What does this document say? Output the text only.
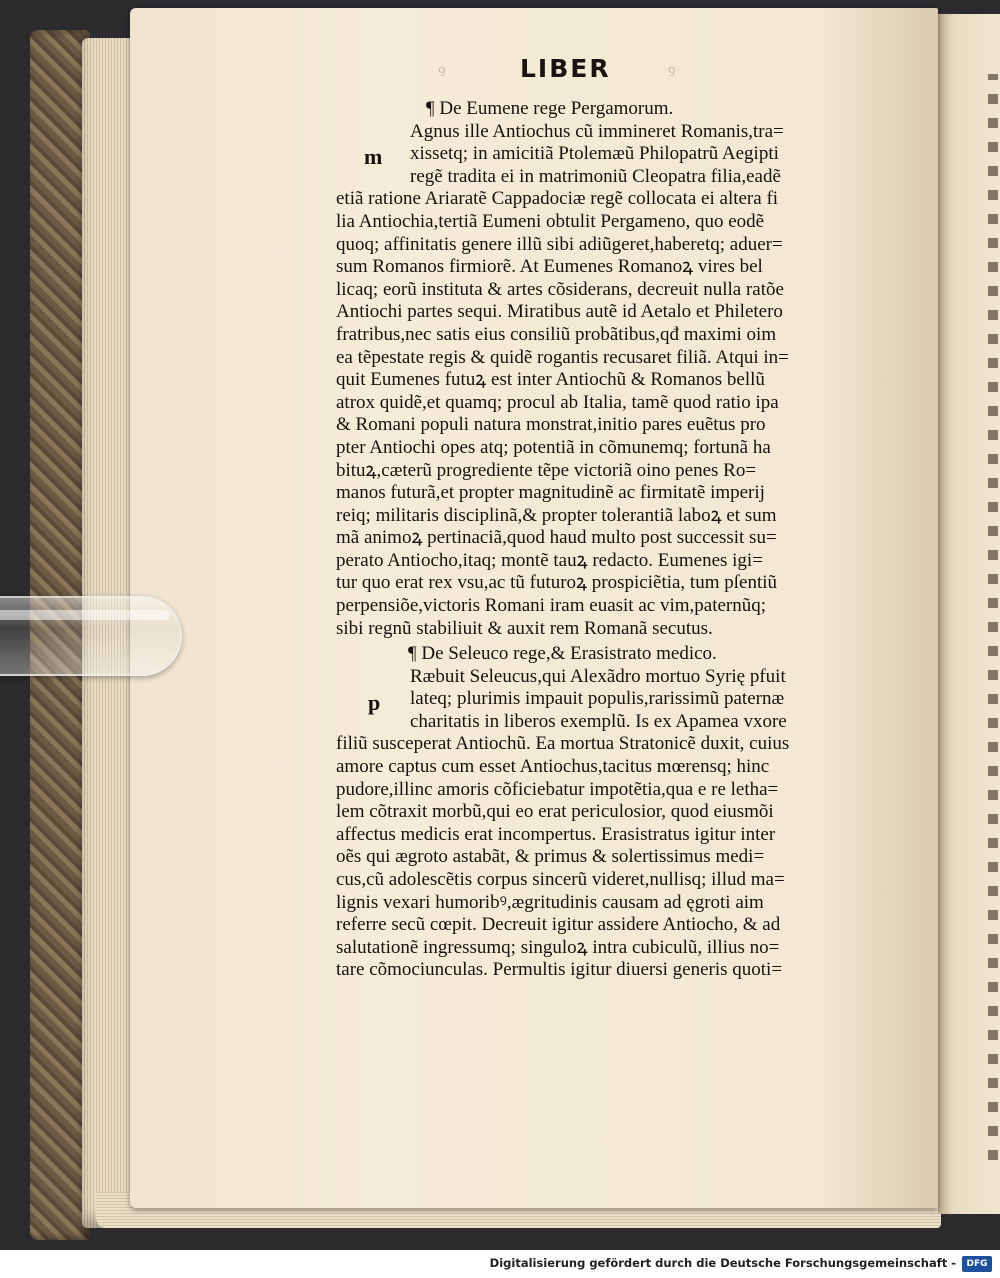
ꝰ	LIBER	ꝰ
¶ De Eumene rege Pergamorum.
Agnus ille Antiochus cũ immineret Romanis,tra=
xissetq; in amicitiã Ptolemæũ Philopatrũ Aegipti
regẽ tradita ei in matrimoniũ Cleopatra filia,eadẽ
etiã ratione Ariaratẽ Cappadociæ regẽ collocata ei altera fi
lia Antiochia,tertiã Eumeni obtulit Pergameno, quo eodẽ
quoq; affinitatis genere illũ sibi adiũgeret,haberetq; aduer=
sum Romanos firmiorẽ. At Eumenes Romanoꝝ vires bel
licaq; eorũ instituta & artes cõsiderans, decreuit nulla ratõe
Antiochi partes sequi. Miratibus autẽ id Aetalo et Philetero
fratribus,nec satis eius consiliũ probãtibus,qđ maximi oim
ea tẽpestate regis & quidẽ rogantis recusaret filiã. Atqui in=
quit Eumenes futuꝝ est inter Antiochũ & Romanos bellũ
atrox quidẽ,et quamq; procul ab Italia, tamẽ quod ratio ipa
& Romani populi natura monstrat,initio pares euẽtus pro
pter Antiochi opes atq; potentiã in cõmunemq; fortunã ha
bituꝝ,cæterũ progrediente tẽpe victoriã oino penes Ro=
manos futurã,et propter magnitudinẽ ac firmitatẽ imperij
reiq; militaris disciplinã,& propter tolerantiã laboꝝ et sum
mã animoꝝ pertinaciã,quod haud multo post successit su=
perato Antiocho,itaq; montẽ tauꝝ redacto. Eumenes igi=
tur quo erat rex vsu,ac tũ futuroꝝ prospiciẽtia, tum pſentiũ
perpensiõe,victoris Romani iram euasit ac vim,paternũq;
sibi regnũ stabiliuit & auxit rem Romanã secutus.
m
¶ De Seleuco rege,& Erasistrato medico.
Ræbuit Seleucus,qui Alexãdro mortuo Syrię pfuit
lateq; plurimis impauit populis,rarissimũ paternæ
charitatis in liberos exemplũ. Is ex Apamea vxore
filiũ susceperat Antiochũ. Ea mortua Stratonicẽ duxit, cuius
amore captus cum esset Antiochus,tacitus mœrensq; hinc
pudore,illinc amoris cõficiebatur impotẽtia,qua e re letha=
lem cõtraxit morbũ,qui eo erat periculosior, quod eiusmõi
affectus medicis erat incompertus. Erasistratus igitur inter
oẽs qui ægroto astabãt, & primus & solertissimus medi=
cus,cũ adolescẽtis corpus sincerũ videret,nullisq; illud ma=
lignis vexari humoribꝰ,ægritudinis causam ad ęgroti aim
referre secũ cœpit. Decreuit igitur assidere Antiocho, & ad
salutationẽ ingressumq; singuloꝝ intra cubiculũ, illius no=
tare cõmociunculas. Permultis igitur diuersi generis quoti=
p
Digitalisierung gefördert durch die Deutsche Forschungsgemeinschaft -	DFG
